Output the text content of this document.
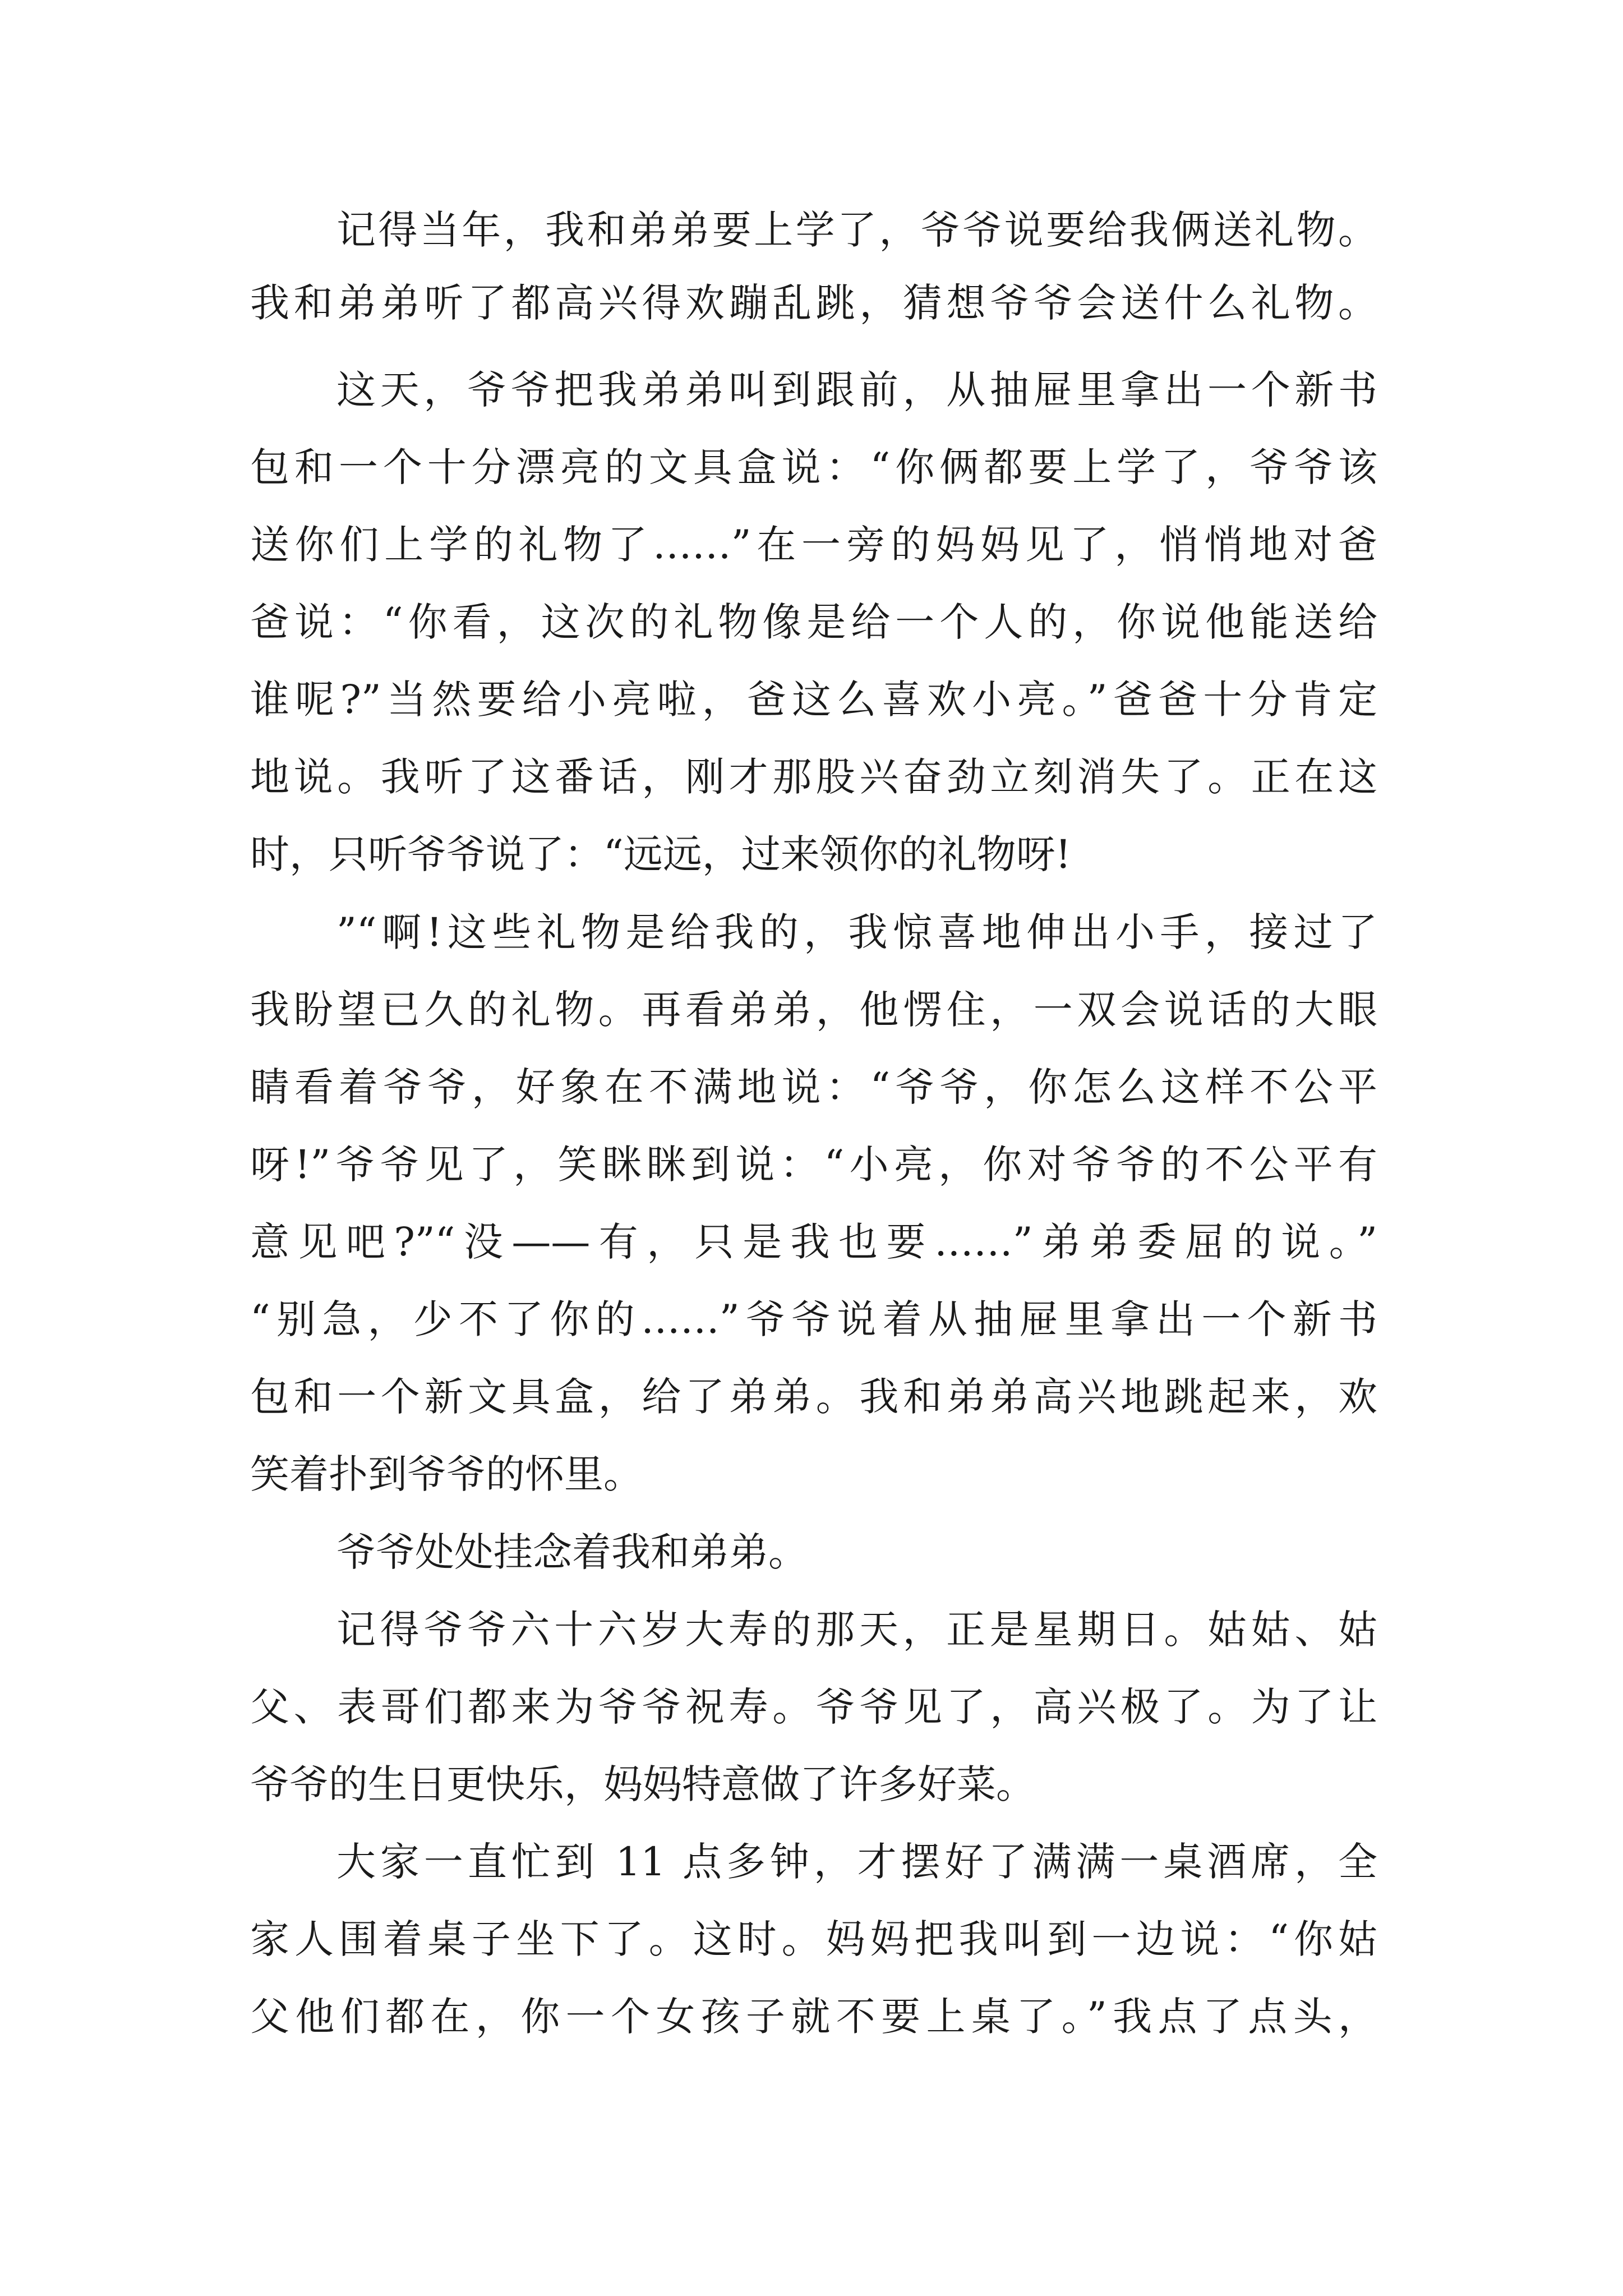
记得当年，我和弟弟要上学了，爷爷说要给我俩送礼物。

我和弟弟听了都高兴得欢蹦乱跳，猜想爷爷会送什么礼物。

这天，爷爷把我弟弟叫到跟前，从抽屉里拿出一个新书

包和一个十分漂亮的文具盒说：“你俩都要上学了，爷爷该

送你们上学的礼物了……”在一旁的妈妈见了，悄悄地对爸

爸说：“你看，这次的礼物像是给一个人的，你说他能送给

谁呢?”当然要给小亮啦，爸这么喜欢小亮。”爸爸十分肯定

地说。我听了这番话，刚才那股兴奋劲立刻消失了。正在这

时，只听爷爷说了：“远远，过来领你的礼物呀!

”“啊!这些礼物是给我的，我惊喜地伸出小手，接过了

我盼望已久的礼物。再看弟弟，他愣住，一双会说话的大眼

睛看着爷爷，好象在不满地说：“爷爷，你怎么这样不公平

呀!”爷爷见了，笑眯眯到说：“小亮，你对爷爷的不公平有

意见吧?”“没——有，只是我也要……”弟弟委屈的说。”

“别急，少不了你的……”爷爷说着从抽屉里拿出一个新书

包和一个新文具盒，给了弟弟。我和弟弟高兴地跳起来，欢

笑着扑到爷爷的怀里。

爷爷处处挂念着我和弟弟。

记得爷爷六十六岁大寿的那天，正是星期日。姑姑、姑

父、表哥们都来为爷爷祝寿。爷爷见了，高兴极了。为了让

爷爷的生日更快乐，妈妈特意做了许多好菜。

大家一直忙到 11 点多钟，才摆好了满满一桌酒席，全

家人围着桌子坐下了。这时。妈妈把我叫到一边说：“你姑

父他们都在，你一个女孩子就不要上桌了。”我点了点头，
